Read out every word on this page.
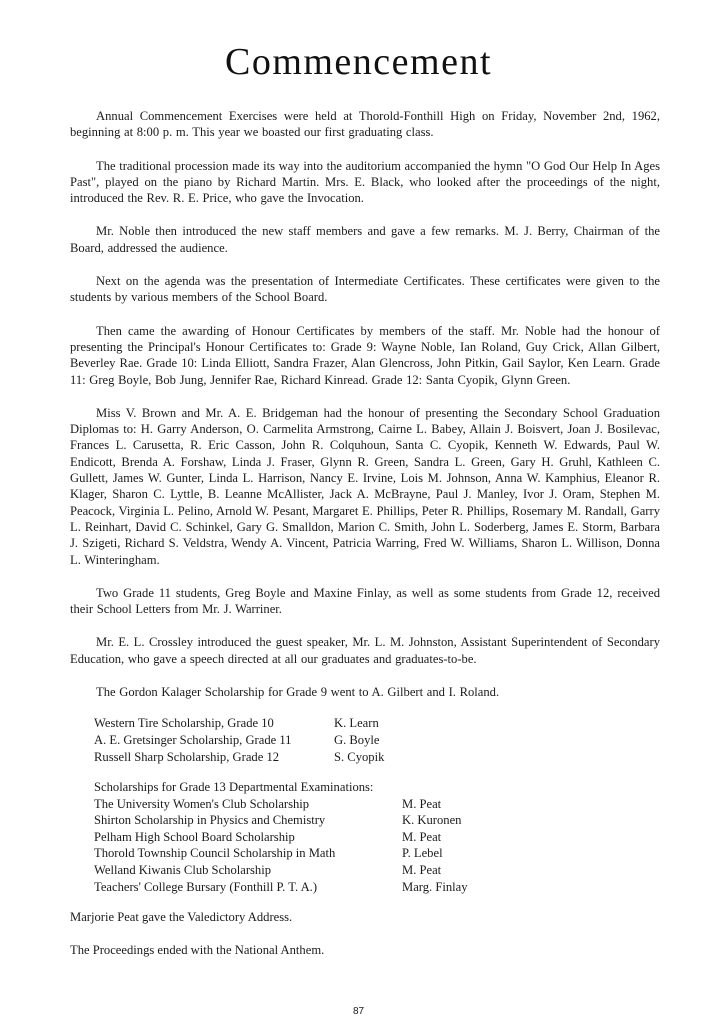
Commencement

Annual Commencement Exercises were held at Thorold-Fonthill High on Friday, November 2nd, 1962, beginning at 8:00 p. m. This year we boasted our first graduating class.

The traditional procession made its way into the auditorium accompanied the hymn "O God Our Help In Ages Past", played on the piano by Richard Martin. Mrs. E. Black, who looked after the proceedings of the night, introduced the Rev. R. E. Price, who gave the Invocation.

Mr. Noble then introduced the new staff members and gave a few remarks. M. J. Berry, Chairman of the Board, addressed the audience.

Next on the agenda was the presentation of Intermediate Certificates. These certificates were given to the students by various members of the School Board.

Then came the awarding of Honour Certificates by members of the staff. Mr. Noble had the honour of presenting the Principal's Honour Certificates to: Grade 9: Wayne Noble, Ian Roland, Guy Crick, Allan Gilbert, Beverley Rae. Grade 10: Linda Elliott, Sandra Frazer, Alan Glencross, John Pitkin, Gail Saylor, Ken Learn. Grade 11: Greg Boyle, Bob Jung, Jennifer Rae, Richard Kinread. Grade 12: Santa Cyopik, Glynn Green.

Miss V. Brown and Mr. A. E. Bridgeman had the honour of presenting the Secondary School Graduation Diplomas to: H. Garry Anderson, O. Carmelita Armstrong, Cairne L. Babey, Allain J. Boisvert, Joan J. Bosilevac, Frances L. Carusetta, R. Eric Casson, John R. Colquhoun, Santa C. Cyopik, Kenneth W. Edwards, Paul W. Endicott, Brenda A. Forshaw, Linda J. Fraser, Glynn R. Green, Sandra L. Green, Gary H. Gruhl, Kathleen C. Gullett, James W. Gunter, Linda L. Harrison, Nancy E. Irvine, Lois M. Johnson, Anna W. Kamphius, Eleanor R. Klager, Sharon C. Lyttle, B. Leanne McAllister, Jack A. McBrayne, Paul J. Manley, Ivor J. Oram, Stephen M. Peacock, Virginia L. Pelino, Arnold W. Pesant, Margaret E. Phillips, Peter R. Phillips, Rosemary M. Randall, Garry L. Reinhart, David C. Schinkel, Gary G. Smalldon, Marion C. Smith, John L. Soderberg, James E. Storm, Barbara J. Szigeti, Richard S. Veldstra, Wendy A. Vincent, Patricia Warring, Fred W. Williams, Sharon L. Willison, Donna L. Winteringham.

Two Grade 11 students, Greg Boyle and Maxine Finlay, as well as some students from Grade 12, received their School Letters from Mr. J. Warriner.

Mr. E. L. Crossley introduced the guest speaker, Mr. L. M. Johnston, Assistant Superintendent of Secondary Education, who gave a speech directed at all our graduates and graduates-to-be.

The Gordon Kalager Scholarship for Grade 9 went to A. Gilbert and I. Roland.

Western Tire Scholarship, Grade 10	K. Learn
A. E. Gretsinger Scholarship, Grade 11	G. Boyle
Russell Sharp Scholarship, Grade 12	S. Cyopik
Scholarships for Grade 13 Departmental Examinations:
The University Women's Club Scholarship	M. Peat
Shirton Scholarship in Physics and Chemistry	K. Kuronen
Pelham High School Board Scholarship	M. Peat
Thorold Township Council Scholarship in Math	P. Lebel
Welland Kiwanis Club Scholarship	M. Peat
Teachers' College Bursary (Fonthill P. T. A.)	Marg. Finlay

Marjorie Peat gave the Valedictory Address.

The Proceedings ended with the National Anthem.

87
